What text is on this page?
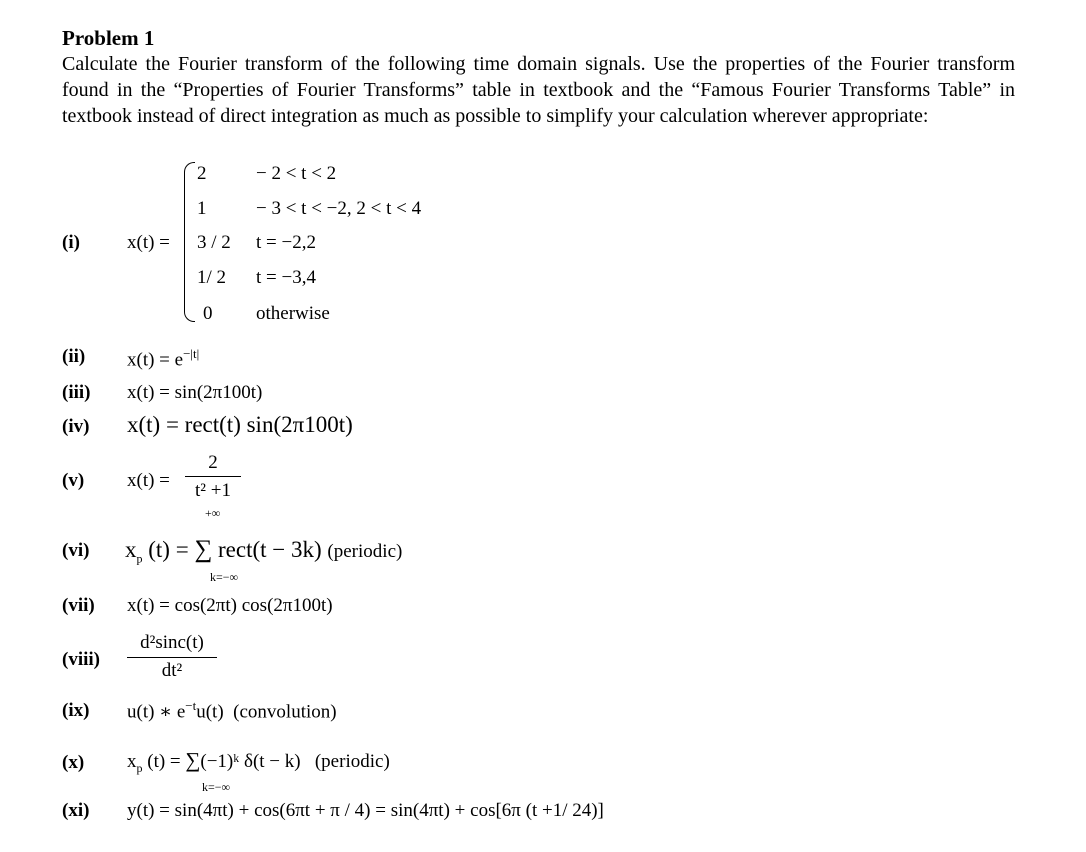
Problem 1
Calculate the Fourier transform of the following time domain signals. Use the properties of the Fourier transform found in the “Properties of Fourier Transforms” table in textbook and the “Famous Fourier Transforms Table” in textbook instead of direct integration as much as possible to simplify your calculation wherever appropriate:
(i) x(t) =
2	− 2 < t < 2
1	− 3 < t < −2, 2 < t < 4
3 / 2 t = −2,2
1/ 2 t = −3,4
0 otherwise
(ii) $x(t) = e^{-|t|}$
(iii) x(t) = sin(2π100t)
(iv) x(t) = rect(t) sin(2π100t)
(v) x(t) =
2
t² +1
(vi)
+∞
$x_p$ (t) = ∑ rect(t − 3k) (periodic)
k=−∞
(vii) x(t) = cos(2πt) cos(2π100t)
(viii)
d²sinc(t)
dt²
(ix) u(t) ∗ $e^{-t}u(t)$ (convolution)
(x) $x_p$ (t) = ∑(−1)ᵏ δ(t − k) (periodic)
k=−∞
(xi) y(t) = sin(4πt) + cos(6πt + π / 4) = sin(4πt) + cos[6π (t +1/ 24)]
